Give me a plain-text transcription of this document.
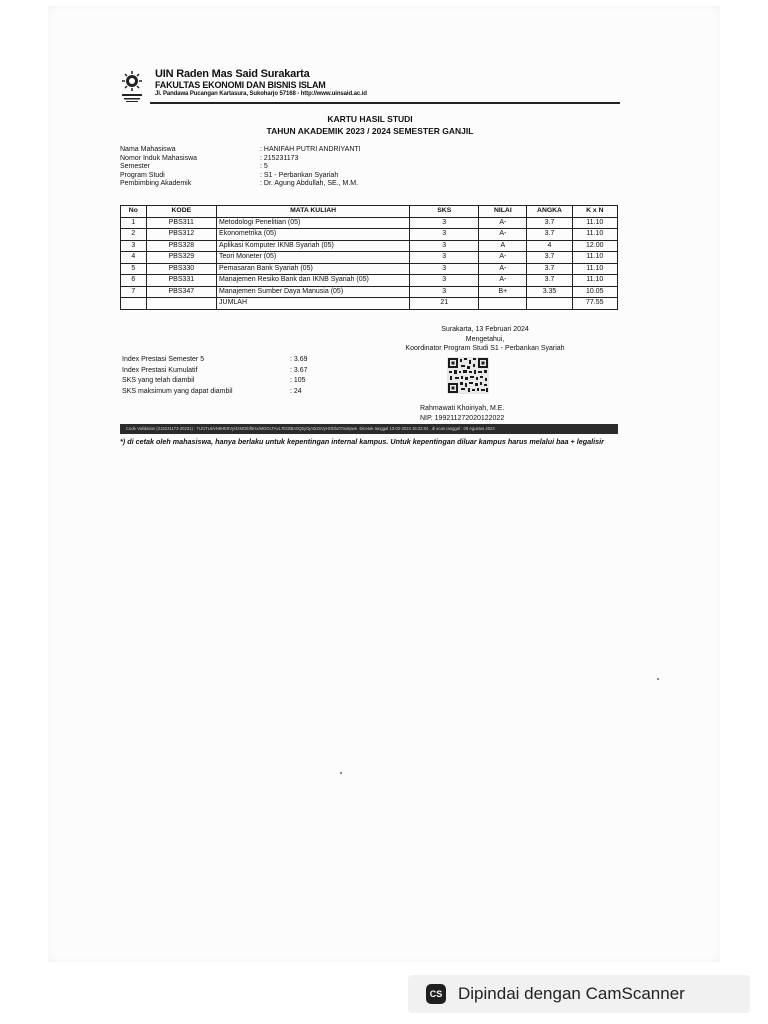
UIN Raden Mas Said Surakarta
FAKULTAS EKONOMI DAN BISNIS ISLAM
Jl. Pandawa Pucangan Kartasura, Sukoharjo 57168 - http://www.uinsaid.ac.id
KARTU HASIL STUDI
TAHUN AKADEMIK 2023 / 2024 SEMESTER GANJIL
Nama Mahasiswa	: HANIFAH PUTRI ANDRIYANTI
Nomor Induk Mahasiswa	: 215231173
Semester	: 5
Program Studi	: S1 - Perbankan Syariah
Pembimbing Akademik	: Dr. Agung Abdullah, SE., M.M.
No	KODE	MATA KULIAH	SKS	NILAI	ANGKA	K x N
1	PBS311	Metodologi Penelitian (05)	3	A-	3.7	11.10
2	PBS312	Ekonometrika (05)	3	A-	3.7	11.10
3	PBS328	Aplikasi Komputer IKNB Syariah (05)	3	A	4	12.00
4	PBS329	Teori Moneter (05)	3	A-	3.7	11.10
5	PBS330	Pemasaran Bank Syariah (05)	3	A-	3.7	11.10
6	PBS331	Manajemen Resiko Bank dan IKNB Syariah (05)	3	A-	3.7	11.10
7	PBS347	Manajemen Sumber Daya Manusia (05)	3	B+	3.35	10.05
		JUMLAH	21			77.55
Surakarta, 13 Februari 2024
Mengetahui,
Koordinator Program Studi S1 - Perbankan Syariah
Rahmawati Khoiriyah, M.E.
NIP. 199211272020122022
Index Prestasi Semester 5	: 3.69
Index Prestasi Kumulatif	: 3.67
SKS yang telah diambil	: 105
SKS maksimum yang dapat diambil	: 24
Code Validation (215231173-20231) : 7U/1TL8/vN6HE9Vy/4zMOIbf5Hx/MOGLTAvL7Et2lBA0QbyOjA0iZsVyHODlu0Tox8pwe. Dicetak tanggal 13-02-2024 16:32:04 , di scan tanggal : 08 Agustus 2023
*) di cetak oleh mahasiswa, hanya berlaku untuk kepentingan internal kampus. Untuk kepentingan diluar kampus harus melalui baa + legalisir
CS Dipindai dengan CamScanner
